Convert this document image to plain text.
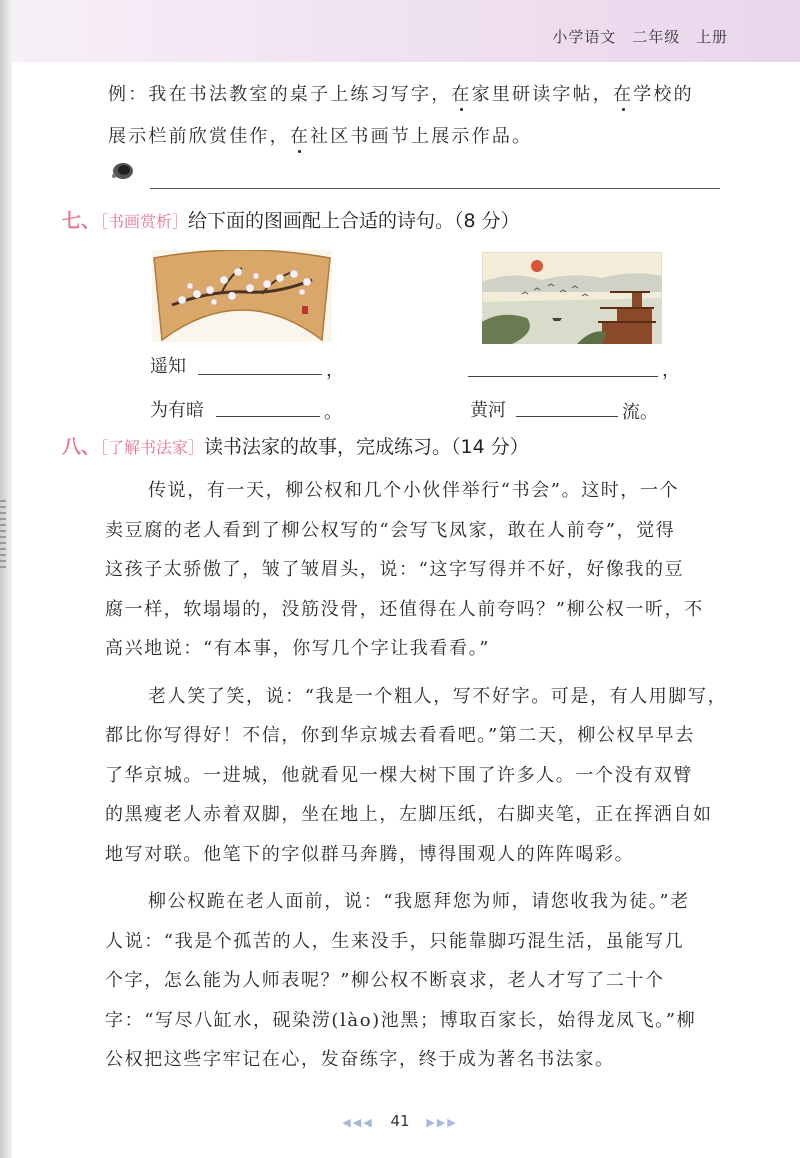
小学语文 二年级 上册
例：我在书法教室的桌子上练习写字，在家里研读字帖，在学校的
展示栏前欣赏佳作，在社区书画节上展示作品。
七、［书画赏析］给下面的图画配上合适的诗句。（8 分）
遥知	，	，
为有暗	。	黄河	流。
八、［了解书法家］读书法家的故事，完成练习。（14 分）
传说，有一天，柳公权和几个小伙伴举行“书会”。这时，一个
卖豆腐的老人看到了柳公权写的“会写飞凤家，敢在人前夸”，觉得
这孩子太骄傲了，皱了皱眉头，说：“这字写得并不好，好像我的豆
腐一样，软塌塌的，没筋没骨，还值得在人前夸吗？”柳公权一听，不
高兴地说：“有本事，你写几个字让我看看。”
老人笑了笑，说：“我是一个粗人，写不好字。可是，有人用脚写，
都比你写得好！不信，你到华京城去看看吧。”第二天，柳公权早早去
了华京城。一进城，他就看见一棵大树下围了许多人。一个没有双臂
的黑瘦老人赤着双脚，坐在地上，左脚压纸，右脚夹笔，正在挥洒自如
地写对联。他笔下的字似群马奔腾，博得围观人的阵阵喝彩。
柳公权跪在老人面前，说：“我愿拜您为师，请您收我为徒。”老
人说：“我是个孤苦的人，生来没手，只能靠脚巧混生活，虽能写几
个字，怎么能为人师表呢？”柳公权不断哀求，老人才写了二十个
字：“写尽八缸水，砚染涝(lào)池黑；博取百家长，始得龙凤飞。”柳
公权把这些字牢记在心，发奋练字，终于成为著名书法家。
◀◀◀ 41 ▶▶▶
